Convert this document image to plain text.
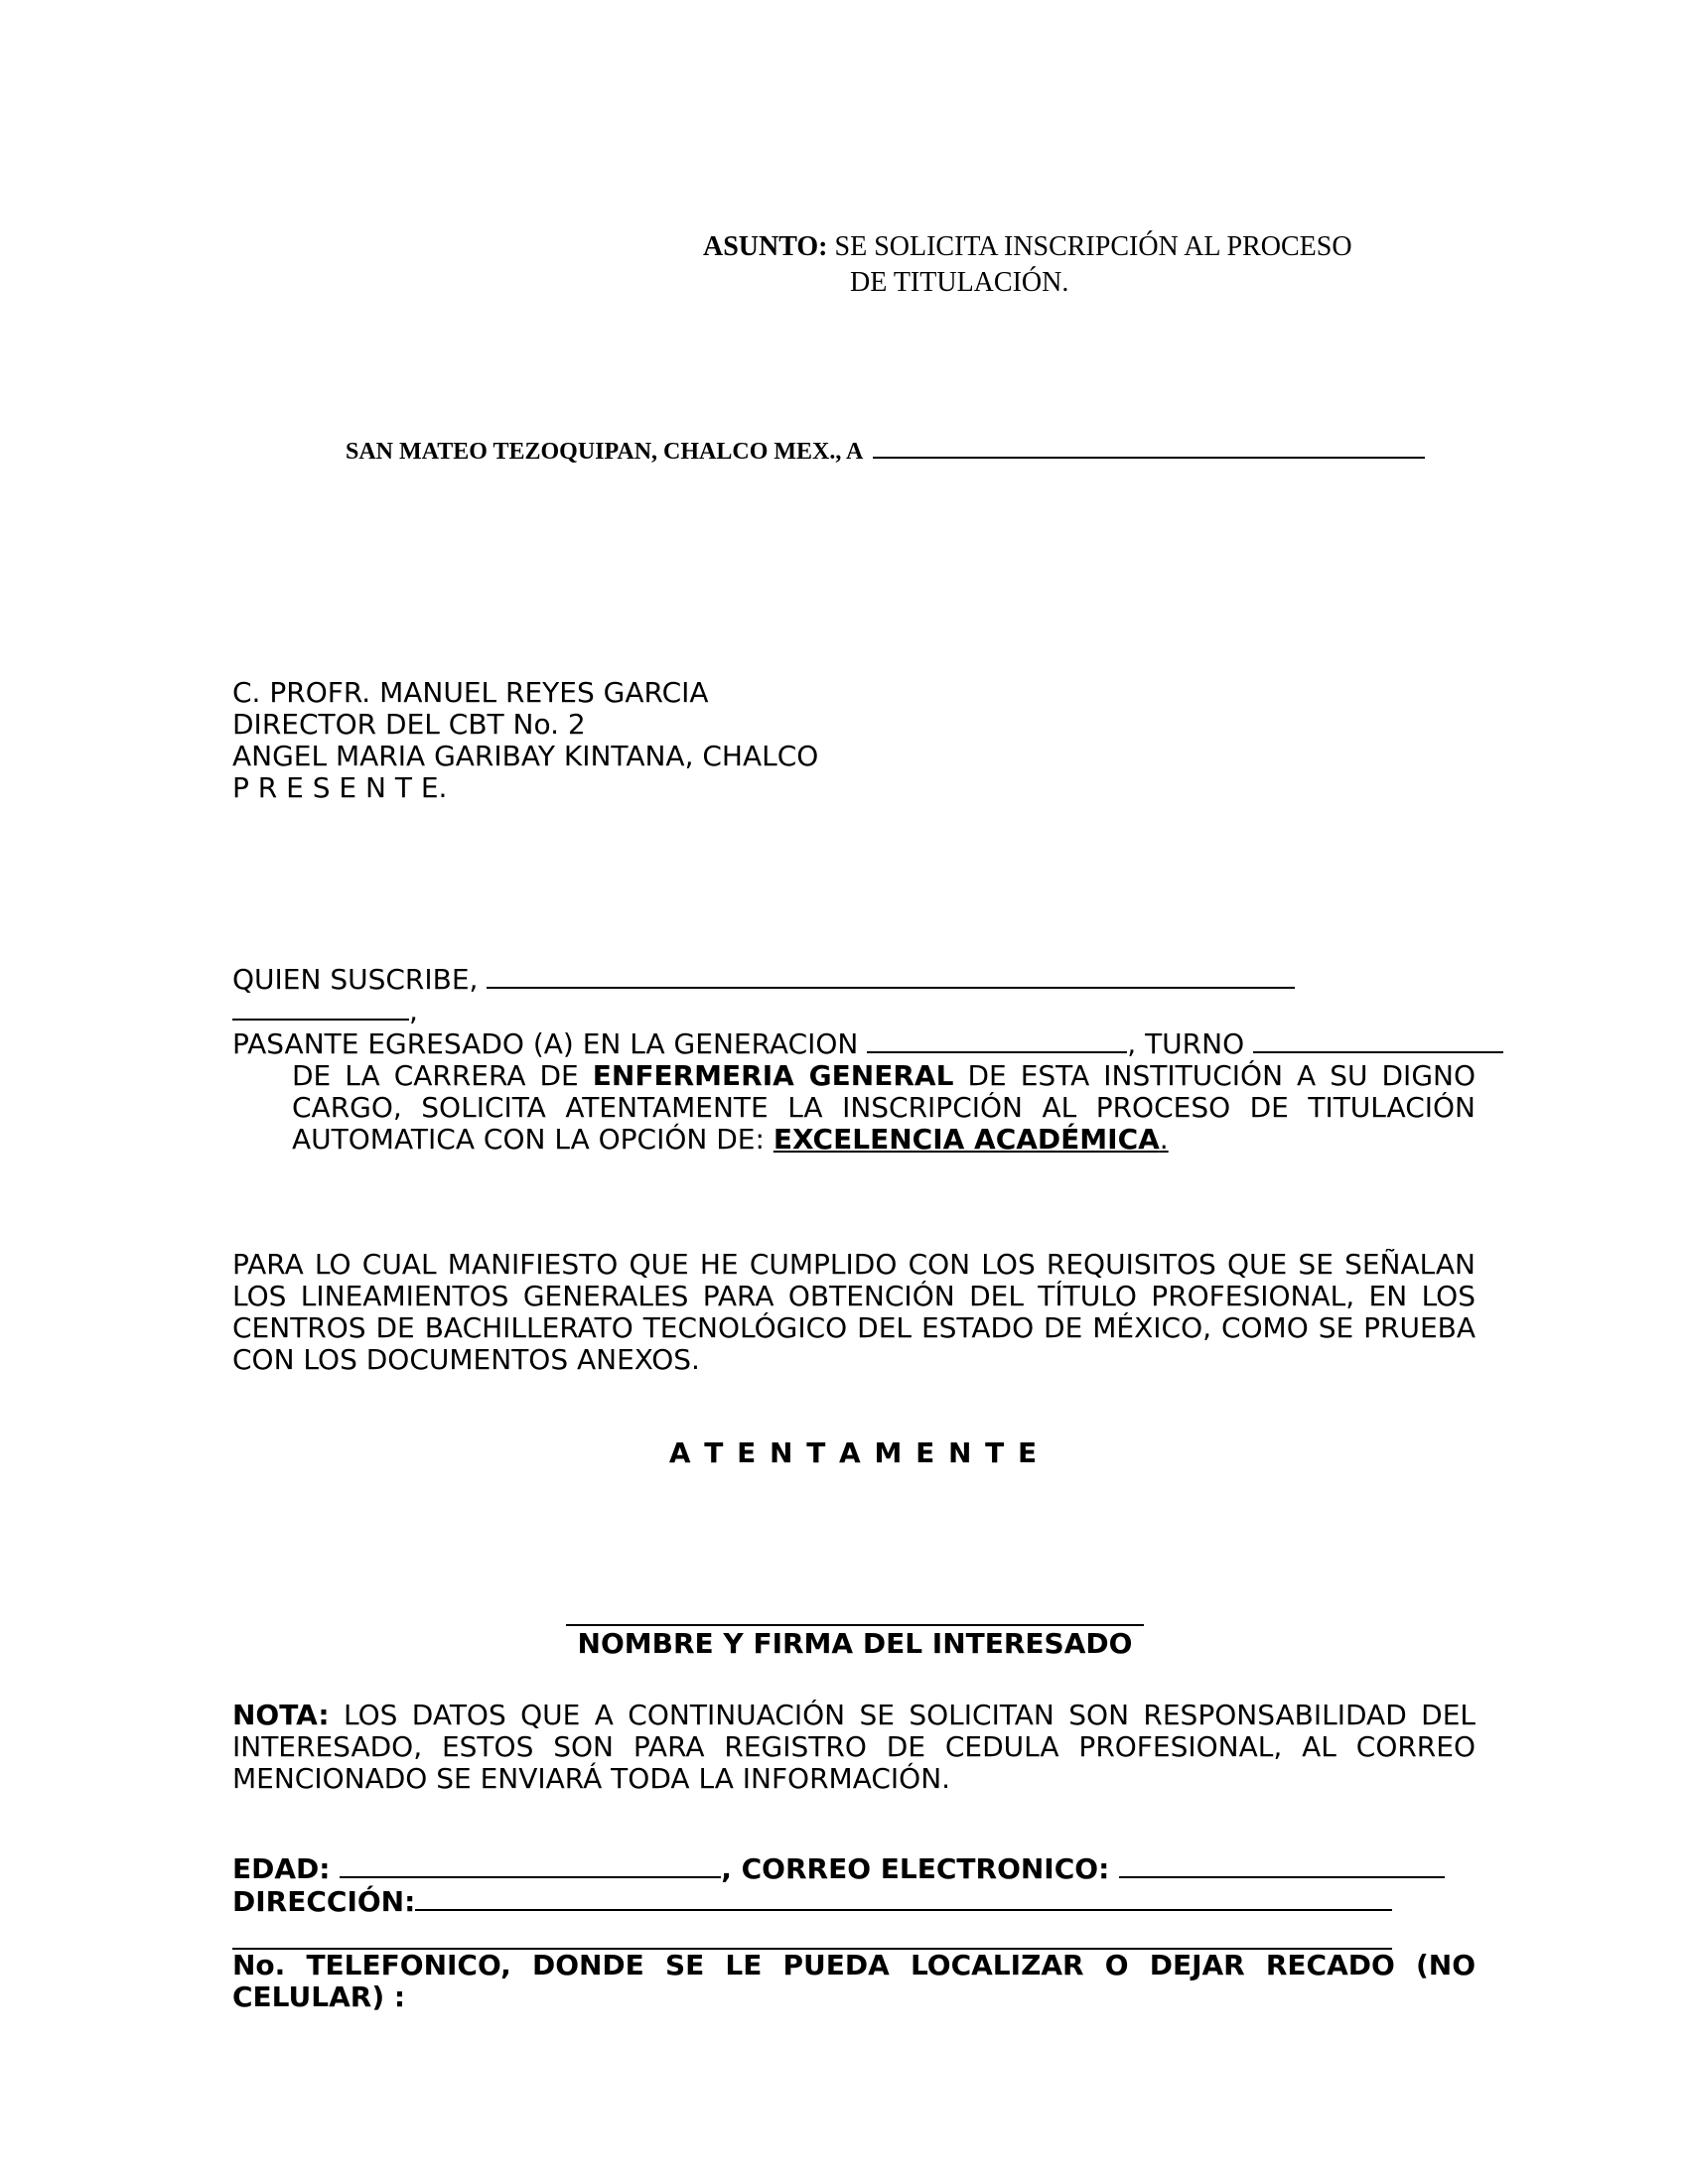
ASUNTO: SE SOLICITA INSCRIPCIÓN AL PROCESO
DE TITULACIÓN.
SAN MATEO TEZOQUIPAN, CHALCO MEX., A
C. PROFR. MANUEL REYES GARCIA
DIRECTOR DEL CBT No. 2
ANGEL MARIA GARIBAY KINTANA, CHALCO
P R E S E N T E.
QUIEN SUSCRIBE,
,
PASANTE EGRESADO (A) EN LA GENERACION	, TURNO
DE LA CARRERA DE ENFERMERIA GENERAL DE ESTA INSTITUCIÓN A SU DIGNO
CARGO, SOLICITA ATENTAMENTE LA INSCRIPCIÓN AL PROCESO DE TITULACIÓN
AUTOMATICA CON LA OPCIÓN DE: EXCELENCIA ACADÉMICA.
PARA LO CUAL MANIFIESTO QUE HE CUMPLIDO CON LOS REQUISITOS QUE SE SEÑALAN
LOS LINEAMIENTOS GENERALES PARA OBTENCIÓN DEL TÍTULO PROFESIONAL, EN LOS
CENTROS DE BACHILLERATO TECNOLÓGICO DEL ESTADO DE MÉXICO, COMO SE PRUEBA
CON LOS DOCUMENTOS ANEXOS.
A T E N T A M E N T E
NOMBRE Y FIRMA DEL INTERESADO
NOTA: LOS DATOS QUE A CONTINUACIÓN SE SOLICITAN SON RESPONSABILIDAD DEL
INTERESADO, ESTOS SON PARA REGISTRO DE CEDULA PROFESIONAL, AL CORREO
MENCIONADO SE ENVIARÁ TODA LA INFORMACIÓN.
EDAD:	, CORREO ELECTRONICO:
DIRECCIÓN:
No. TELEFONICO, DONDE SE LE PUEDA LOCALIZAR O DEJAR RECADO (NO
CELULAR) :
